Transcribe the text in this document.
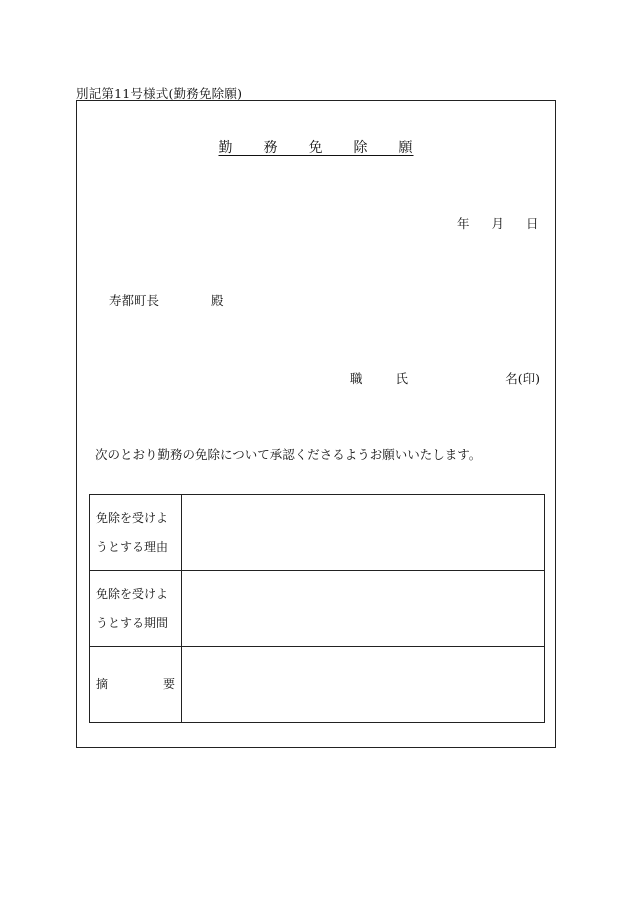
別記第11号様式(勤務免除願)
勤　　務　　免　　除　　願
年 月 日
寿都町長	殿
職	氏	名(印)
次のとおり勤務の免除について承認くださるようお願いいたします。
免除を受けよ
うとする理由	

免除を受けよ
うとする期間	

摘 要	
